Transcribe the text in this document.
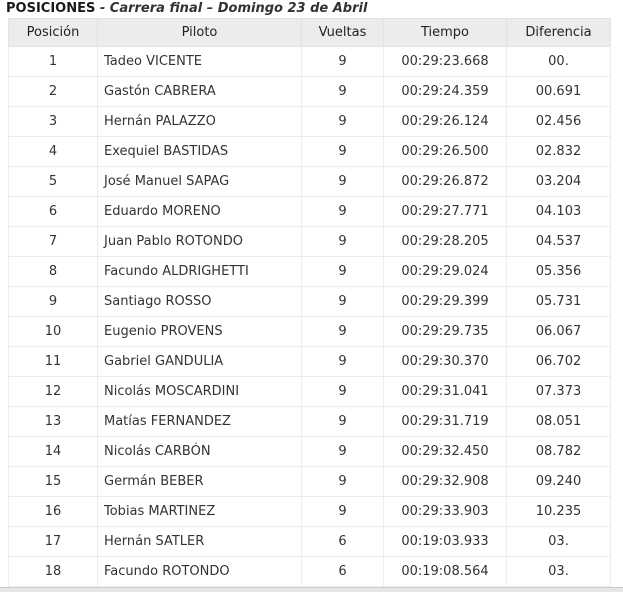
POSICIONES - Carrera final – Domingo 23 de Abril
Posición	Piloto	Vueltas	Tiempo	Diferencia
1	Tadeo VICENTE	9	00:29:23.668	00.
2	Gastón CABRERA	9	00:29:24.359	00.691
3	Hernán PALAZZO	9	00:29:26.124	02.456
4	Exequiel BASTIDAS	9	00:29:26.500	02.832
5	José Manuel SAPAG	9	00:29:26.872	03.204
6	Eduardo MORENO	9	00:29:27.771	04.103
7	Juan Pablo ROTONDO	9	00:29:28.205	04.537
8	Facundo ALDRIGHETTI	9	00:29:29.024	05.356
9	Santiago ROSSO	9	00:29:29.399	05.731
10	Eugenio PROVENS	9	00:29:29.735	06.067
11	Gabriel GANDULIA	9	00:29:30.370	06.702
12	Nicolás MOSCARDINI	9	00:29:31.041	07.373
13	Matías FERNANDEZ	9	00:29:31.719	08.051
14	Nicolás CARBÓN	9	00:29:32.450	08.782
15	Germán BEBER	9	00:29:32.908	09.240
16	Tobias MARTINEZ	9	00:29:33.903	10.235
17	Hernán SATLER	6	00:19:03.933	03.
18	Facundo ROTONDO	6	00:19:08.564	03.
